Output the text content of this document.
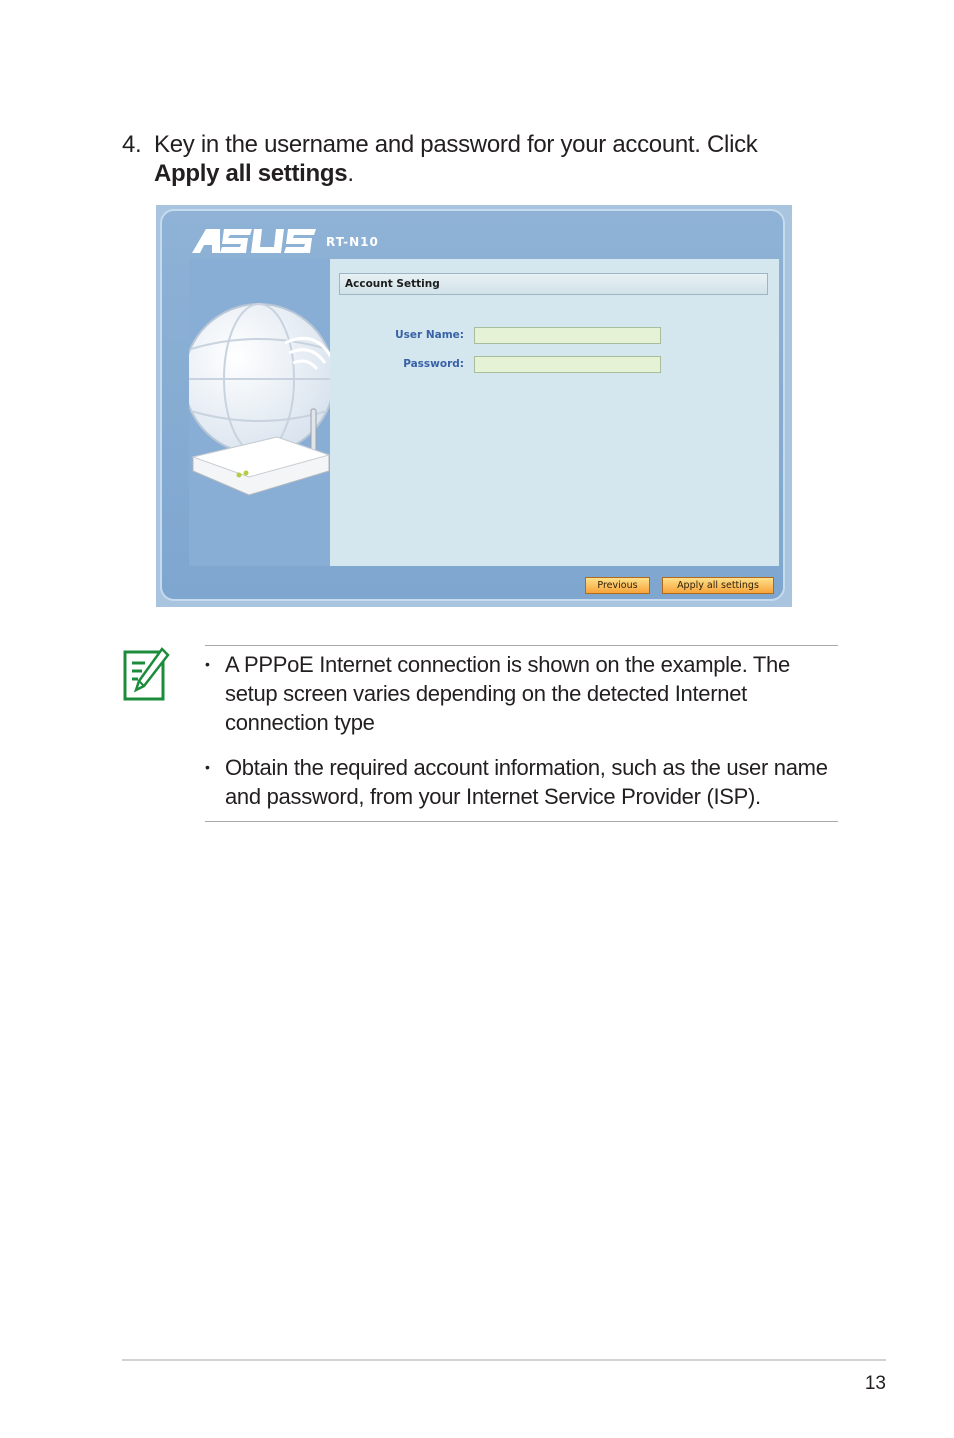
4. Key in the username and password for your account. Click
Apply all settings.
RT-N10
Account Setting
User Name:
Password:
Previous	Apply all settings
• A PPPoE Internet connection is shown on the example. The setup screen varies depending on the detected Internet connection type
• Obtain the required account information, such as the user name and password, from your Internet Service Provider (ISP).
13
